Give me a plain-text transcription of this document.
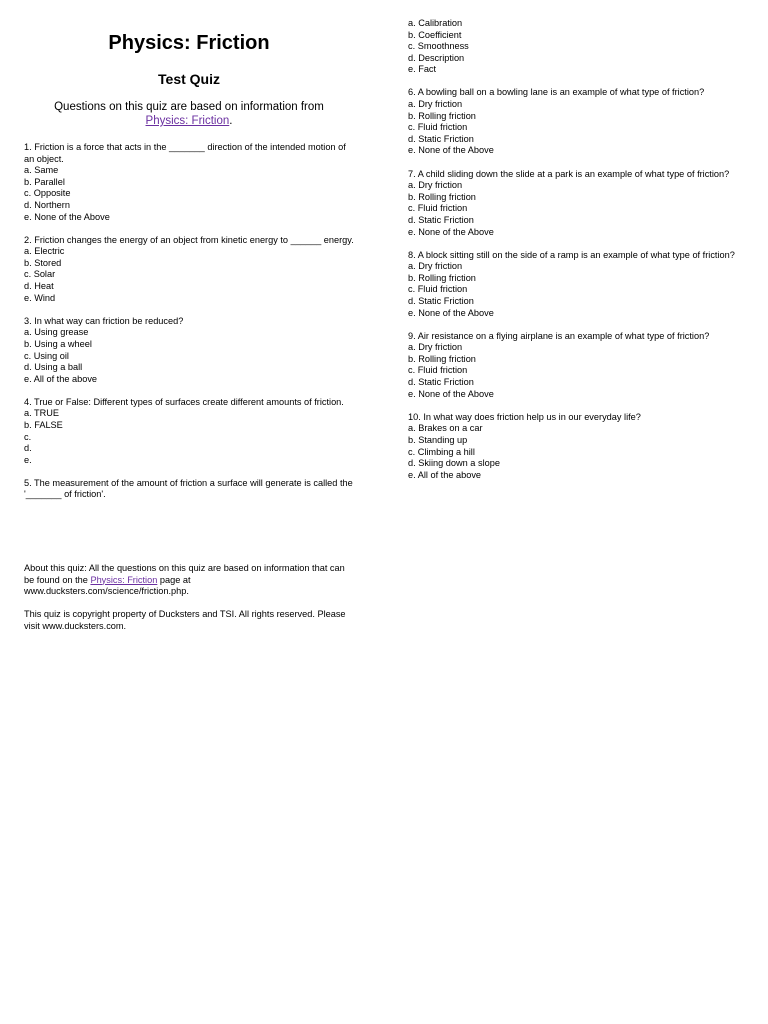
Physics: Friction
Test Quiz

Questions on this quiz are based on information from
Physics: Friction.

1. Friction is a force that acts in the _______ direction of the intended motion of an object.

a. Same
b. Parallel
c. Opposite
d. Northern
e. None of the Above

2. Friction changes the energy of an object from kinetic energy to ______ energy.

a. Electric
b. Stored
c. Solar
d. Heat
e. Wind

3. In what way can friction be reduced?

a. Using grease
b. Using a wheel
c. Using oil
d. Using a ball
e. All of the above

4. True or False: Different types of surfaces create different amounts of friction.

a. TRUE
b. FALSE
c.
d.
e.

5. The measurement of the amount of friction a surface will generate is called the '_______ of friction'.

About this quiz: All the questions on this quiz are based on information that can be found on the Physics: Friction page at www.ducksters.com/science/friction.php.

This quiz is copyright property of Ducksters and TSI. All rights reserved. Please visit www.ducksters.com.

a. Calibration
b. Coefficient
c. Smoothness
d. Description
e. Fact

6. A bowling ball on a bowling lane is an example of what type of friction?

a. Dry friction
b. Rolling friction
c. Fluid friction
d. Static Friction
e. None of the Above

7. A child sliding down the slide at a park is an example of what type of friction?

a. Dry friction
b. Rolling friction
c. Fluid friction
d. Static Friction
e. None of the Above

8. A block sitting still on the side of a ramp is an example of what type of friction?

a. Dry friction
b. Rolling friction
c. Fluid friction
d. Static Friction
e. None of the Above

9. Air resistance on a flying airplane is an example of what type of friction?

a. Dry friction
b. Rolling friction
c. Fluid friction
d. Static Friction
e. None of the Above

10. In what way does friction help us in our everyday life?

a. Brakes on a car
b. Standing up
c. Climbing a hill
d. Skiing down a slope
e. All of the above
